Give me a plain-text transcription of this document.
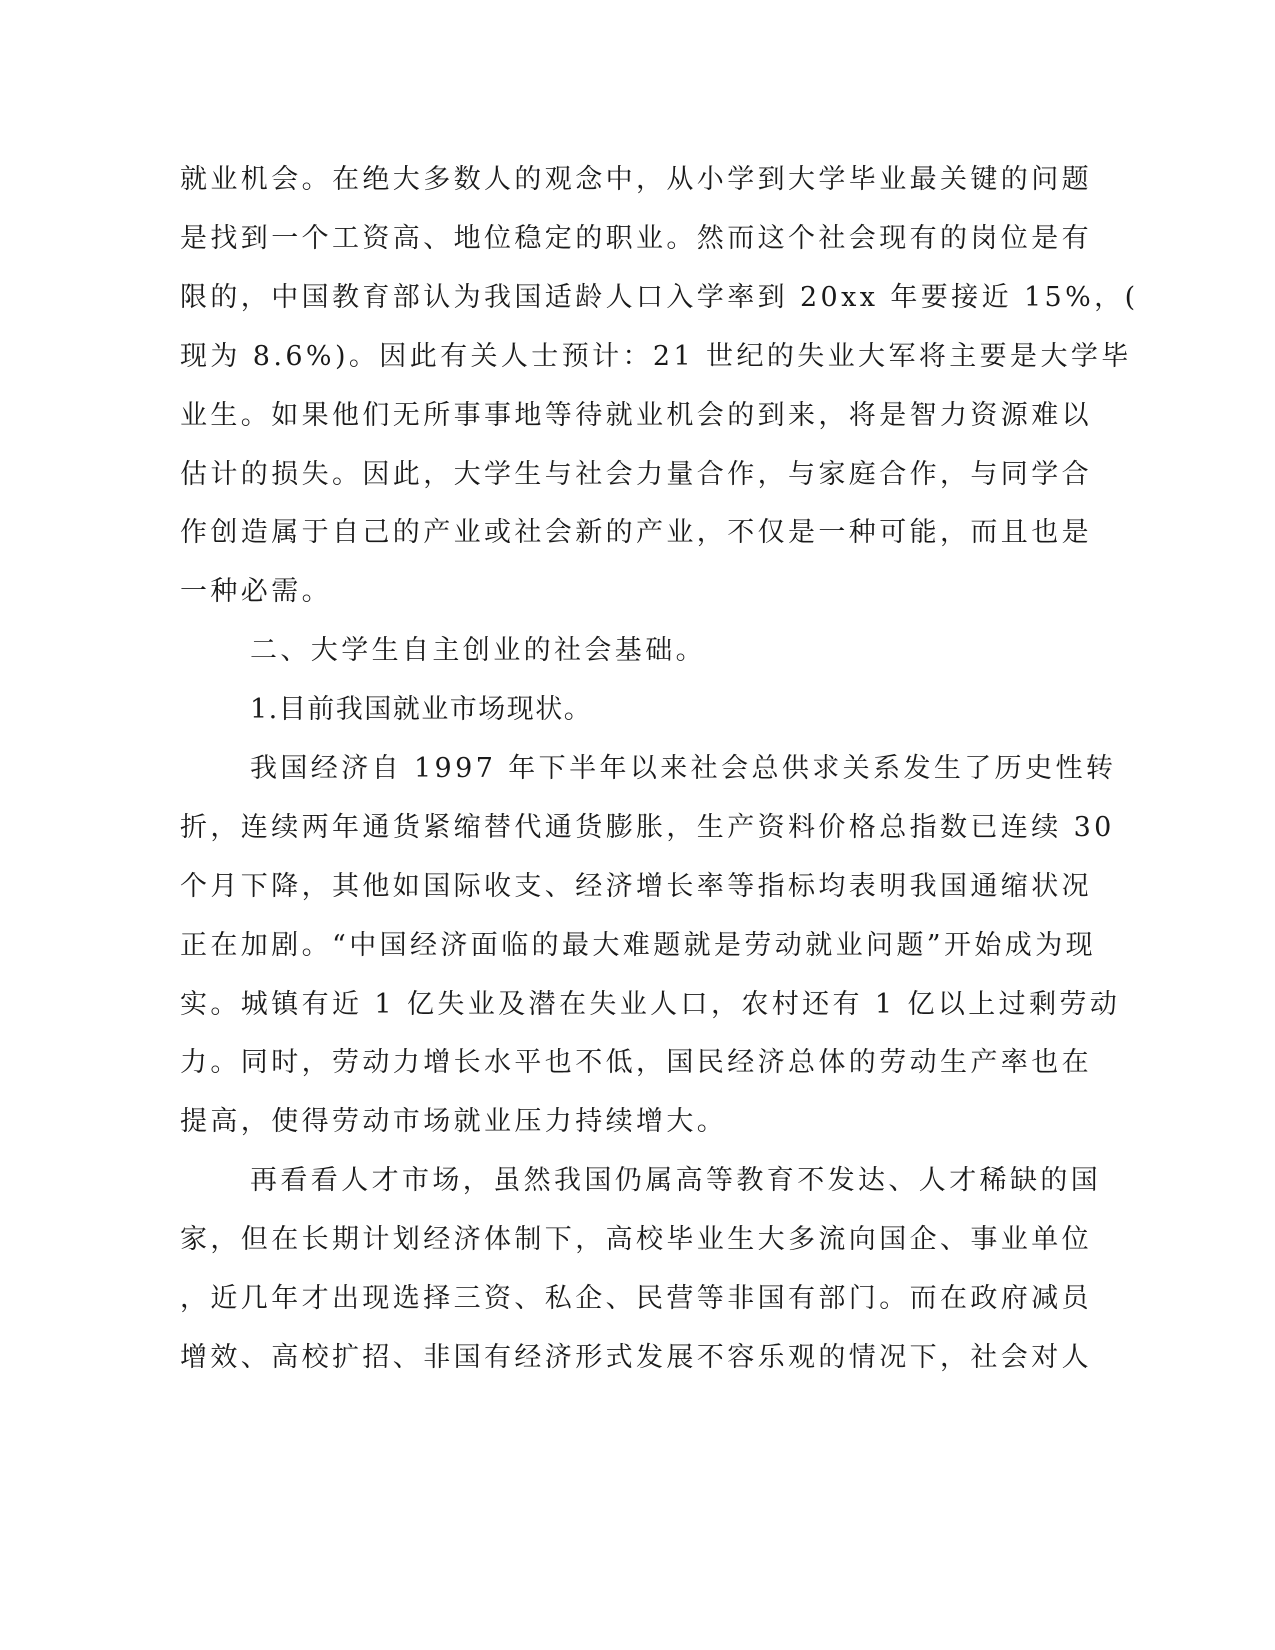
就业机会。在绝大多数人的观念中，从小学到大学毕业最关键的问题
是找到一个工资高、地位稳定的职业。然而这个社会现有的岗位是有
限的，中国教育部认为我国适龄人口入学率到 20xx 年要接近 15%，(
现为 8.6%)。因此有关人士预计：21 世纪的失业大军将主要是大学毕
业生。如果他们无所事事地等待就业机会的到来，将是智力资源难以
估计的损失。因此，大学生与社会力量合作，与家庭合作，与同学合
作创造属于自己的产业或社会新的产业，不仅是一种可能，而且也是
一种必需。
二、大学生自主创业的社会基础。
1.目前我国就业市场现状。
我国经济自 1997 年下半年以来社会总供求关系发生了历史性转
折，连续两年通货紧缩替代通货膨胀，生产资料价格总指数已连续 30
个月下降，其他如国际收支、经济增长率等指标均表明我国通缩状况
正在加剧。“中国经济面临的最大难题就是劳动就业问题”开始成为现
实。城镇有近 1 亿失业及潜在失业人口，农村还有 1 亿以上过剩劳动
力。同时，劳动力增长水平也不低，国民经济总体的劳动生产率也在
提高，使得劳动市场就业压力持续增大。
再看看人才市场，虽然我国仍属高等教育不发达、人才稀缺的国
家，但在长期计划经济体制下，高校毕业生大多流向国企、事业单位
，近几年才出现选择三资、私企、民营等非国有部门。而在政府减员
增效、高校扩招、非国有经济形式发展不容乐观的情况下，社会对人
